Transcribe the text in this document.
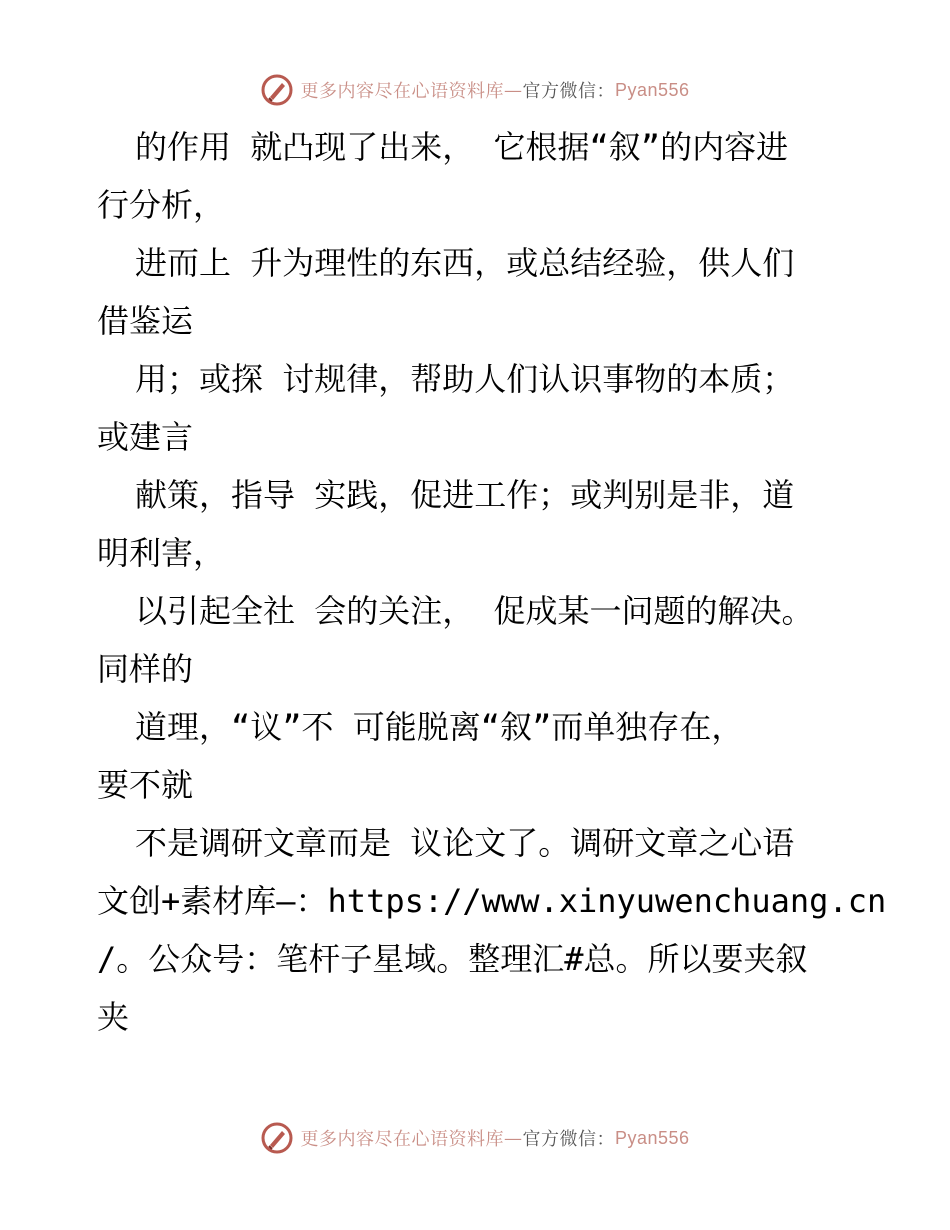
更多内容尽在心语资料库 — 官方微信： Pyan556
的作用 就凸现了出来， 它根据“叙”的内容进
行分析，
进而上 升为理性的东西，或总结经验，供人们
借鉴运
用；或探 讨规律，帮助人们认识事物的本质；
或建言
献策，指导 实践，促进工作；或判别是非，道
明利害，
以引起全社 会的关注， 促成某一问题的解决。
同样的
道理，“议”不 可能脱离“叙”而单独存在，
要不就
不是调研文章而是 议论文了。调研文章之心语
文创+素材库—：https://www.xinyuwenchuang.cn
/。公众号：笔杆子星域。整理汇#总。所以要夹叙
夹
更多内容尽在心语资料库 — 官方微信： Pyan556
